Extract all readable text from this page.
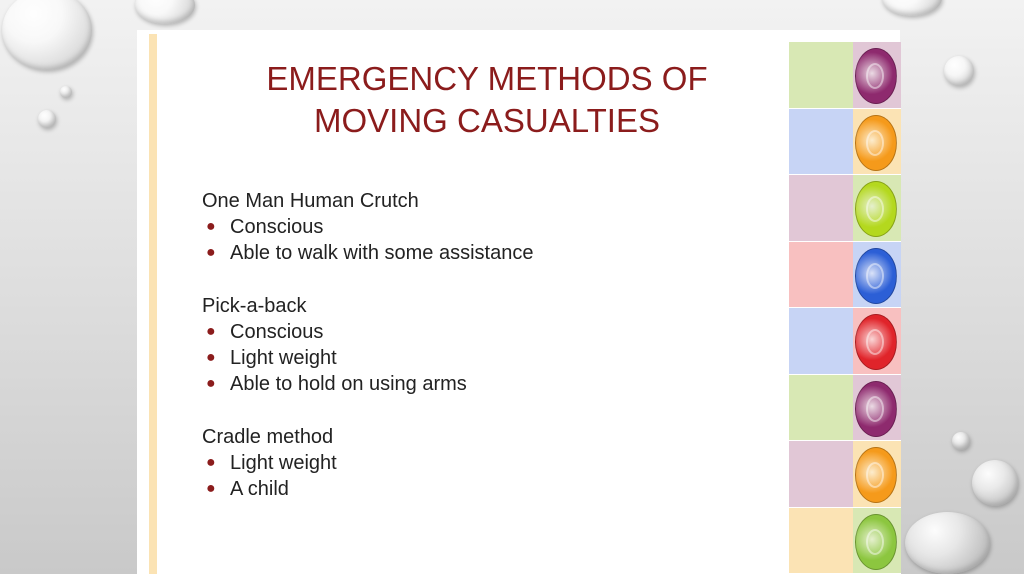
EMERGENCY METHODS OF
MOVING CASUALTIES
One Man Human Crutch
● Conscious
● Able to walk with some assistance
Pick-a-back
● Conscious
● Light weight
● Able to hold on using arms
Cradle method
● Light weight
● A child
